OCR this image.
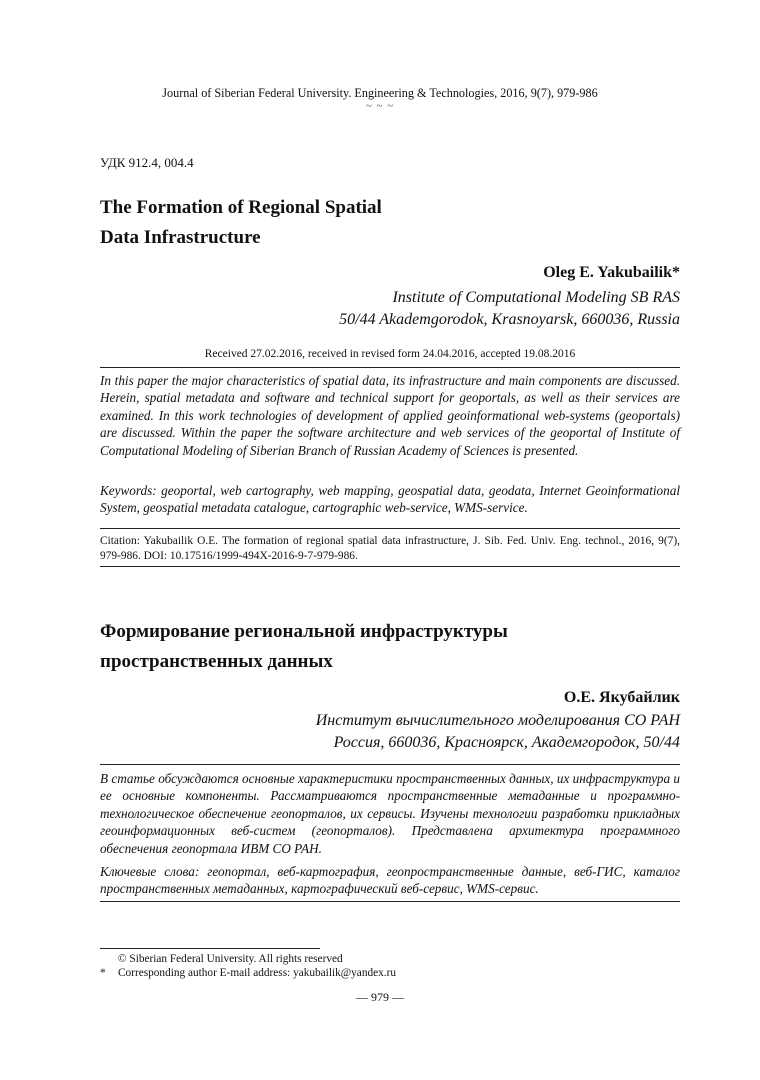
Journal of Siberian Federal University. Engineering & Technologies, 2016, 9(7), 979-986
~ ~ ~
УДК 912.4, 004.4
The Formation of Regional Spatial
Data Infrastructure
Oleg E. Yakubailik*
Institute of Computational Modeling SB RAS
50/44 Akademgorodok, Krasnoyarsk, 660036, Russia
Received 27.02.2016, received in revised form 24.04.2016, accepted 19.08.2016
In this paper the major characteristics of spatial data, its infrastructure and main components are discussed. Herein, spatial metadata and software and technical support for geoportals, as well as their services are examined. In this work technologies of development of applied geoinformational web-systems (geoportals) are discussed. Within the paper the software architecture and web services of the geoportal of Institute of Computational Modeling of Siberian Branch of Russian Academy of Sciences is presented.
Keywords: geoportal, web cartography, web mapping, geospatial data, geodata, Internet Geoinformational System, geospatial metadata catalogue, cartographic web-service, WMS-service.
Citation: Yakubailik O.E. The formation of regional spatial data infrastructure, J. Sib. Fed. Univ. Eng. technol., 2016, 9(7), 979-986. DOI: 10.17516/1999-494X-2016-9-7-979-986.
Формирование региональной инфраструктуры
пространственных данных
О.Е. Якубайлик
Институт вычислительного моделирования СО РАН
Россия, 660036, Красноярск, Академгородок, 50/44
В статье обсуждаются основные характеристики пространственных данных, их инфраструктура и ее основные компоненты. Рассматриваются пространственные метаданные и программно-технологическое обеспечение геопорталов, их сервисы. Изучены технологии разработки прикладных геоинформационных веб-систем (геопорталов). Представлена архитектура программного обеспечения геопортала ИВМ СО РАН.
Ключевые слова: геопортал, веб-картография, геопространственные данные, веб-ГИС, каталог пространственных метаданных, картографический веб-сервис, WMS-сервис.
© Siberian Federal University. All rights reserved
* Corresponding author E-mail address: yakubailik@yandex.ru
— 979 —
